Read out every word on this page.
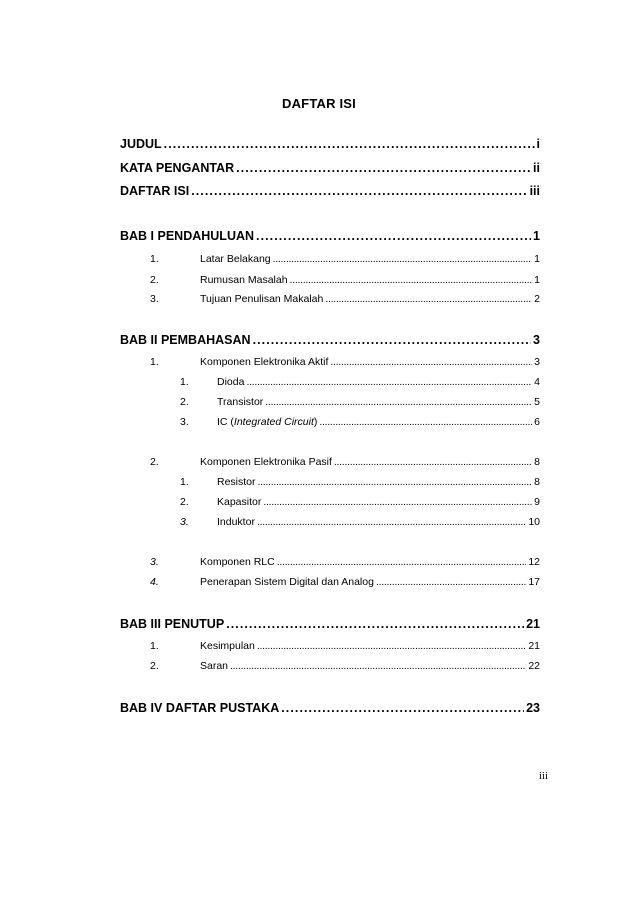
DAFTAR ISI
JUDUL . . .	i
KATA PENGANTAR . . .	ii
DAFTAR ISI . . .	iii
BAB I PENDAHULUAN . . .	1
1.	Latar Belakang . . .	1
2.	Rumusan Masalah . . .	1
3.	Tujuan Penulisan Makalah . . .	2
BAB II PEMBAHASAN . . .	3
1.	Komponen Elektronika Aktif . . .	3
1.	Dioda . . .	4
2.	Transistor . . .	5
3.	IC (Integrated Circuit) . . .	6
2.	Komponen Elektronika Pasif . . .	8
1.	Resistor . . .	8
2.	Kapasitor . . .	9
3.	Induktor . . .	10
3.	Komponen RLC . . .	12
4.	Penerapan Sistem Digital dan Analog . . .	17
BAB III PENUTUP . . .	21
1.	Kesimpulan . . .	21
2.	Saran . . .	22
BAB IV DAFTAR PUSTAKA . . .	23
iii
